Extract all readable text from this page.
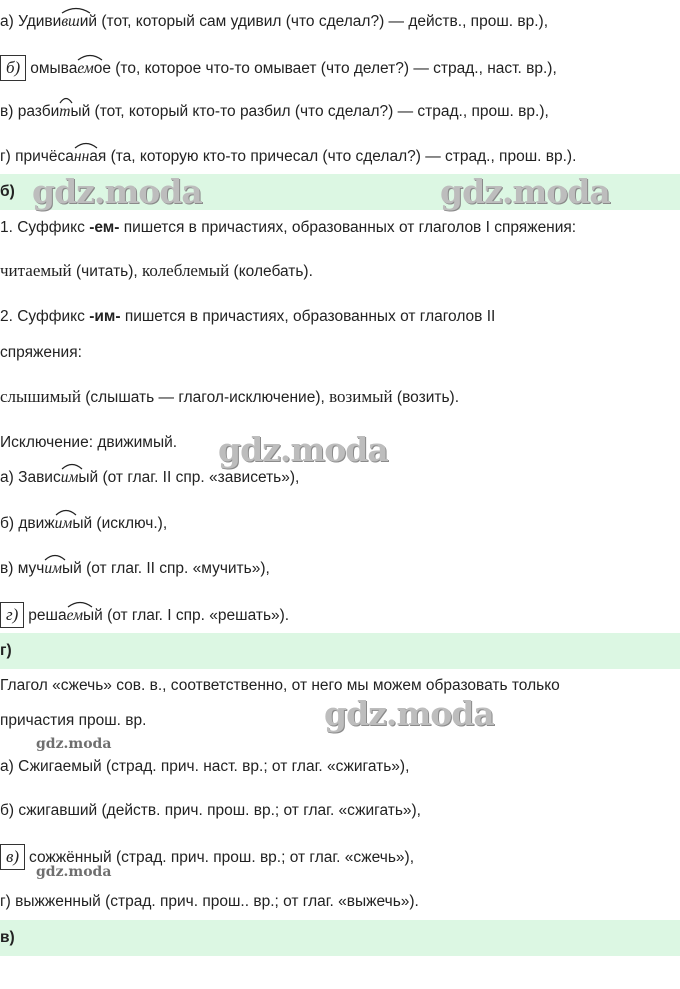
а) Удиви
вший (тот, который сам удивил (что сделал?) — действ., прош. вр.),
б) омыва
емое (то, которое что-то омывает (что делет?) — страд., наст. вр.),
в) разби
тый (тот, который кто-то разбил (что сделал?) — страд., прош. вр.),
г) причёса
нная (та, которую кто-то причесал (что сделал?) — страд., прош. вр.).
б) gdz.moda	gdz.moda
1. Суффикс -ем- пишется в причастиях, образованных от глаголов I спряжения:
читаемый (читать), колеблемый (колебать).
2. Суффикс -им- пишется в причастиях, образованных от глаголов II
спряжения:
слышимый (слышать — глагол-исключение), возимый (возить).
Исключение: движимый. gdz.moda
а) Завис
имый (от глаг. II спр. «зависеть»),
б) движ
имый (исключ.),
в) муч
имый (от глаг. II спр. «мучить»),
г) реша
емый (от глаг. I спр. «решать»).
г)
Глагол «сжечь» сов. в., соответственно, от него мы можем образовать только
причастия прош. вр.	gdz.moda
gdz.moda
а) Сжигаемый (страд. прич. наст. вр.; от глаг. «сжигать»),
б) сжигавший (действ. прич. прош. вр.; от глаг. «сжигать»),
в) сожжённый (страд. прич. прош. вр.; от глаг. «сжечь»),
gdz.moda
г) выжженный (страд. прич. прош.. вр.; от глаг. «выжечь»).
в)
